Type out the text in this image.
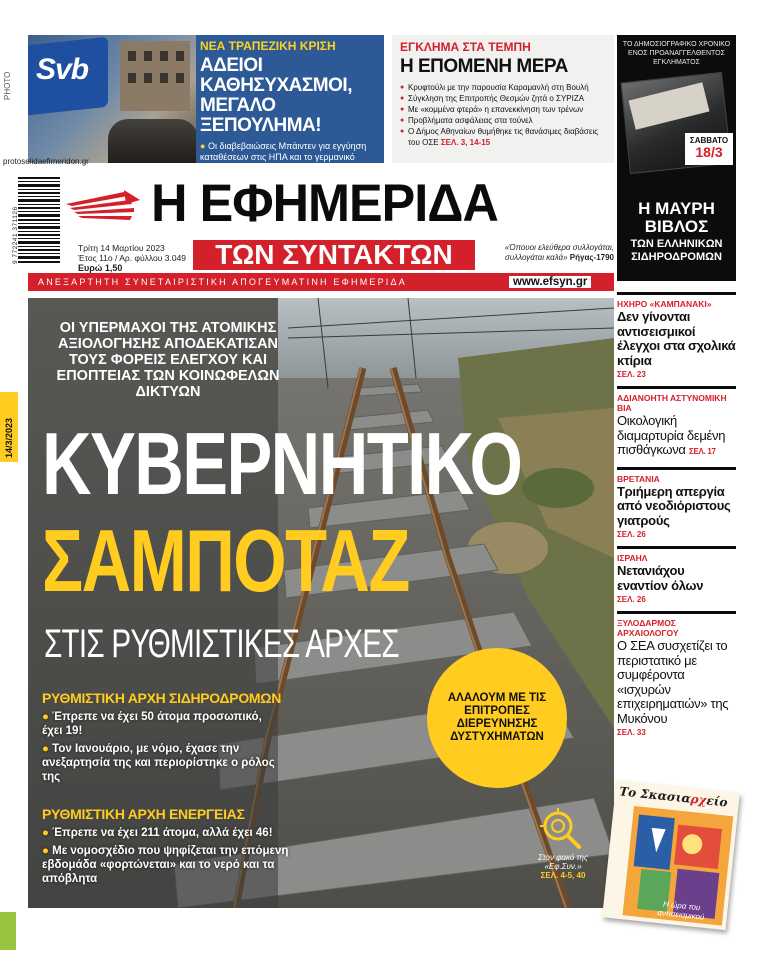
14/3/2023
Svb
ΝΕΑ ΤΡΑΠΕΖΙΚΗ ΚΡΙΣΗ
ΑΔΕΙΟΙ ΚΑΘΗΣΥΧΑΣΜΟΙ, ΜΕΓΑΛΟ ΞΕΠΟΥΛΗΜΑ!
● Οι διαβεβαιώσεις Μπάιντεν για εγγύηση καταθέσεων στις ΗΠΑ και το γερμανικό
ΕΓΚΛΗΜΑ ΣΤΑ ΤΕΜΠΗ
Η ΕΠΟΜΕΝΗ ΜΕΡΑ
● Κρυφτούλι με την παρουσία Καραμανλή στη Βουλή
● Σύγκληση της Επιτροπής Θεσμών ζητά ο ΣΥΡΙΖΑ
● Με «κομμένα φτερά» η επανεκκίνηση των τρένων
● Προβλήματα ασφάλειας στα τούνελ
● Ο Δήμος Αθηναίων θυμήθηκε τις θανάσιμες διαβάσεις του ΟΣΕ ΣΕΛ. 3, 14-15
ΤΟ ΔΗΜΟΣΙΟΓΡΑΦΙΚΟ ΧΡΟΝΙΚΟ ΕΝΟΣ ΠΡΟΑΝΑΓΓΕΛΘΕΝΤΟΣ ΕΓΚΛΗΜΑΤΟΣ
ΣΑΒΒΑΤΟ
18/3
Η ΜΑΥΡΗ ΒΙΒΛΟΣ
ΤΩΝ ΕΛΛΗΝΙΚΩΝ ΣΙΔΗΡΟΔΡΟΜΩΝ
PHOTO
protoselidaefimeridon.gr
9 772241 371126
Η ΕΦΗΜΕΡΙΔΑ
ΤΩΝ ΣΥΝΤΑΚΤΩΝ
Τρίτη 14 Μαρτίου 2023
Έτος 11ο / Αρ. φύλλου 3.049
Ευρώ 1,50
«Όπουοι ελεύθερα συλλογάται, συλλογάται καλά» Ρήγας-1790
ΑΝΕΞΑΡΤΗΤΗ ΣΥΝΕΤΑΙΡΙΣΤΙΚΗ ΑΠΟΓΕΥΜΑΤΙΝΗ ΕΦΗΜΕΡΙΔΑ	www.efsyn.gr
ΟΙ ΥΠΕΡΜΑΧΟΙ ΤΗΣ ΑΤΟΜΙΚΗΣ ΑΞΙΟΛΟΓΗΣΗΣ ΑΠΟΔΕΚΑΤΙΣΑΝ ΤΟΥΣ ΦΟΡΕΙΣ ΕΛΕΓΧΟΥ ΚΑΙ ΕΠΟΠΤΕΙΑΣ ΤΩΝ ΚΟΙΝΩΦΕΛΩΝ ΔΙΚΤΥΩΝ
ΚΥΒΕΡΝΗΤΙΚΟ
ΣΑΜΠΟΤΑΖ
ΣΤΙΣ ΡΥΘΜΙΣΤΙΚΕΣ ΑΡΧΕΣ
ΡΥΘΜΙΣΤΙΚΗ ΑΡΧΗ ΣΙΔΗΡΟΔΡΟΜΩΝ
● Έπρεπε να έχει 50 άτομα προσωπικό, έχει 19!
● Τον Ιανουάριο, με νόμο, έχασε την ανεξαρτησία της και περιορίστηκε ο ρόλος της
ΡΥΘΜΙΣΤΙΚΗ ΑΡΧΗ ΕΝΕΡΓΕΙΑΣ
● Έπρεπε να έχει 211 άτομα, αλλά έχει 46!
● Με νομοσχέδιο που ψηφίζεται την επόμενη εβδομάδα «φορτώνεται» και το νερό και τα απόβλητα
ΑΛΑΛΟΥΜ ΜΕ ΤΙΣ ΕΠΙΤΡΟΠΕΣ ΔΙΕΡΕΥΝΗΣΗΣ ΔΥΣΤΥΧΗΜΑΤΩΝ
Στον φακό της «Εφ.Συν.»
ΣΕΛ. 4-5, 40
ΗΧΗΡΟ «ΚΑΜΠΑΝΑΚΙ»
Δεν γίνονται αντισεισμικοί έλεγχοι στα σχολικά κτίρια
ΣΕΛ. 23
ΑΔΙΑΝΟΗΤΗ ΑΣΤΥΝΟΜΙΚΗ ΒΙΑ
Οικολογική διαμαρτυρία δεμένη πισθάγκωνα ΣΕΛ. 17
ΒΡΕΤΑΝΙΑ
Τριήμερη απεργία από νεοδιόριστους γιατρούς
ΣΕΛ. 26
ΙΣΡΑΗΛ
Νετανιάχου εναντίον όλων
ΣΕΛ. 26
ΞΥΛΟΔΑΡΜΟΣ ΑΡΧΑΙΟΛΟΓΟΥ
Ο ΣΕΑ συσχετίζει το περιστατικό με συμφέροντα «ισχυρών επιχειρηματιών» της Μυκόνου
ΣΕΛ. 33
Το Σκασιαρχείο
Η ώρα του αντισεισμικού
